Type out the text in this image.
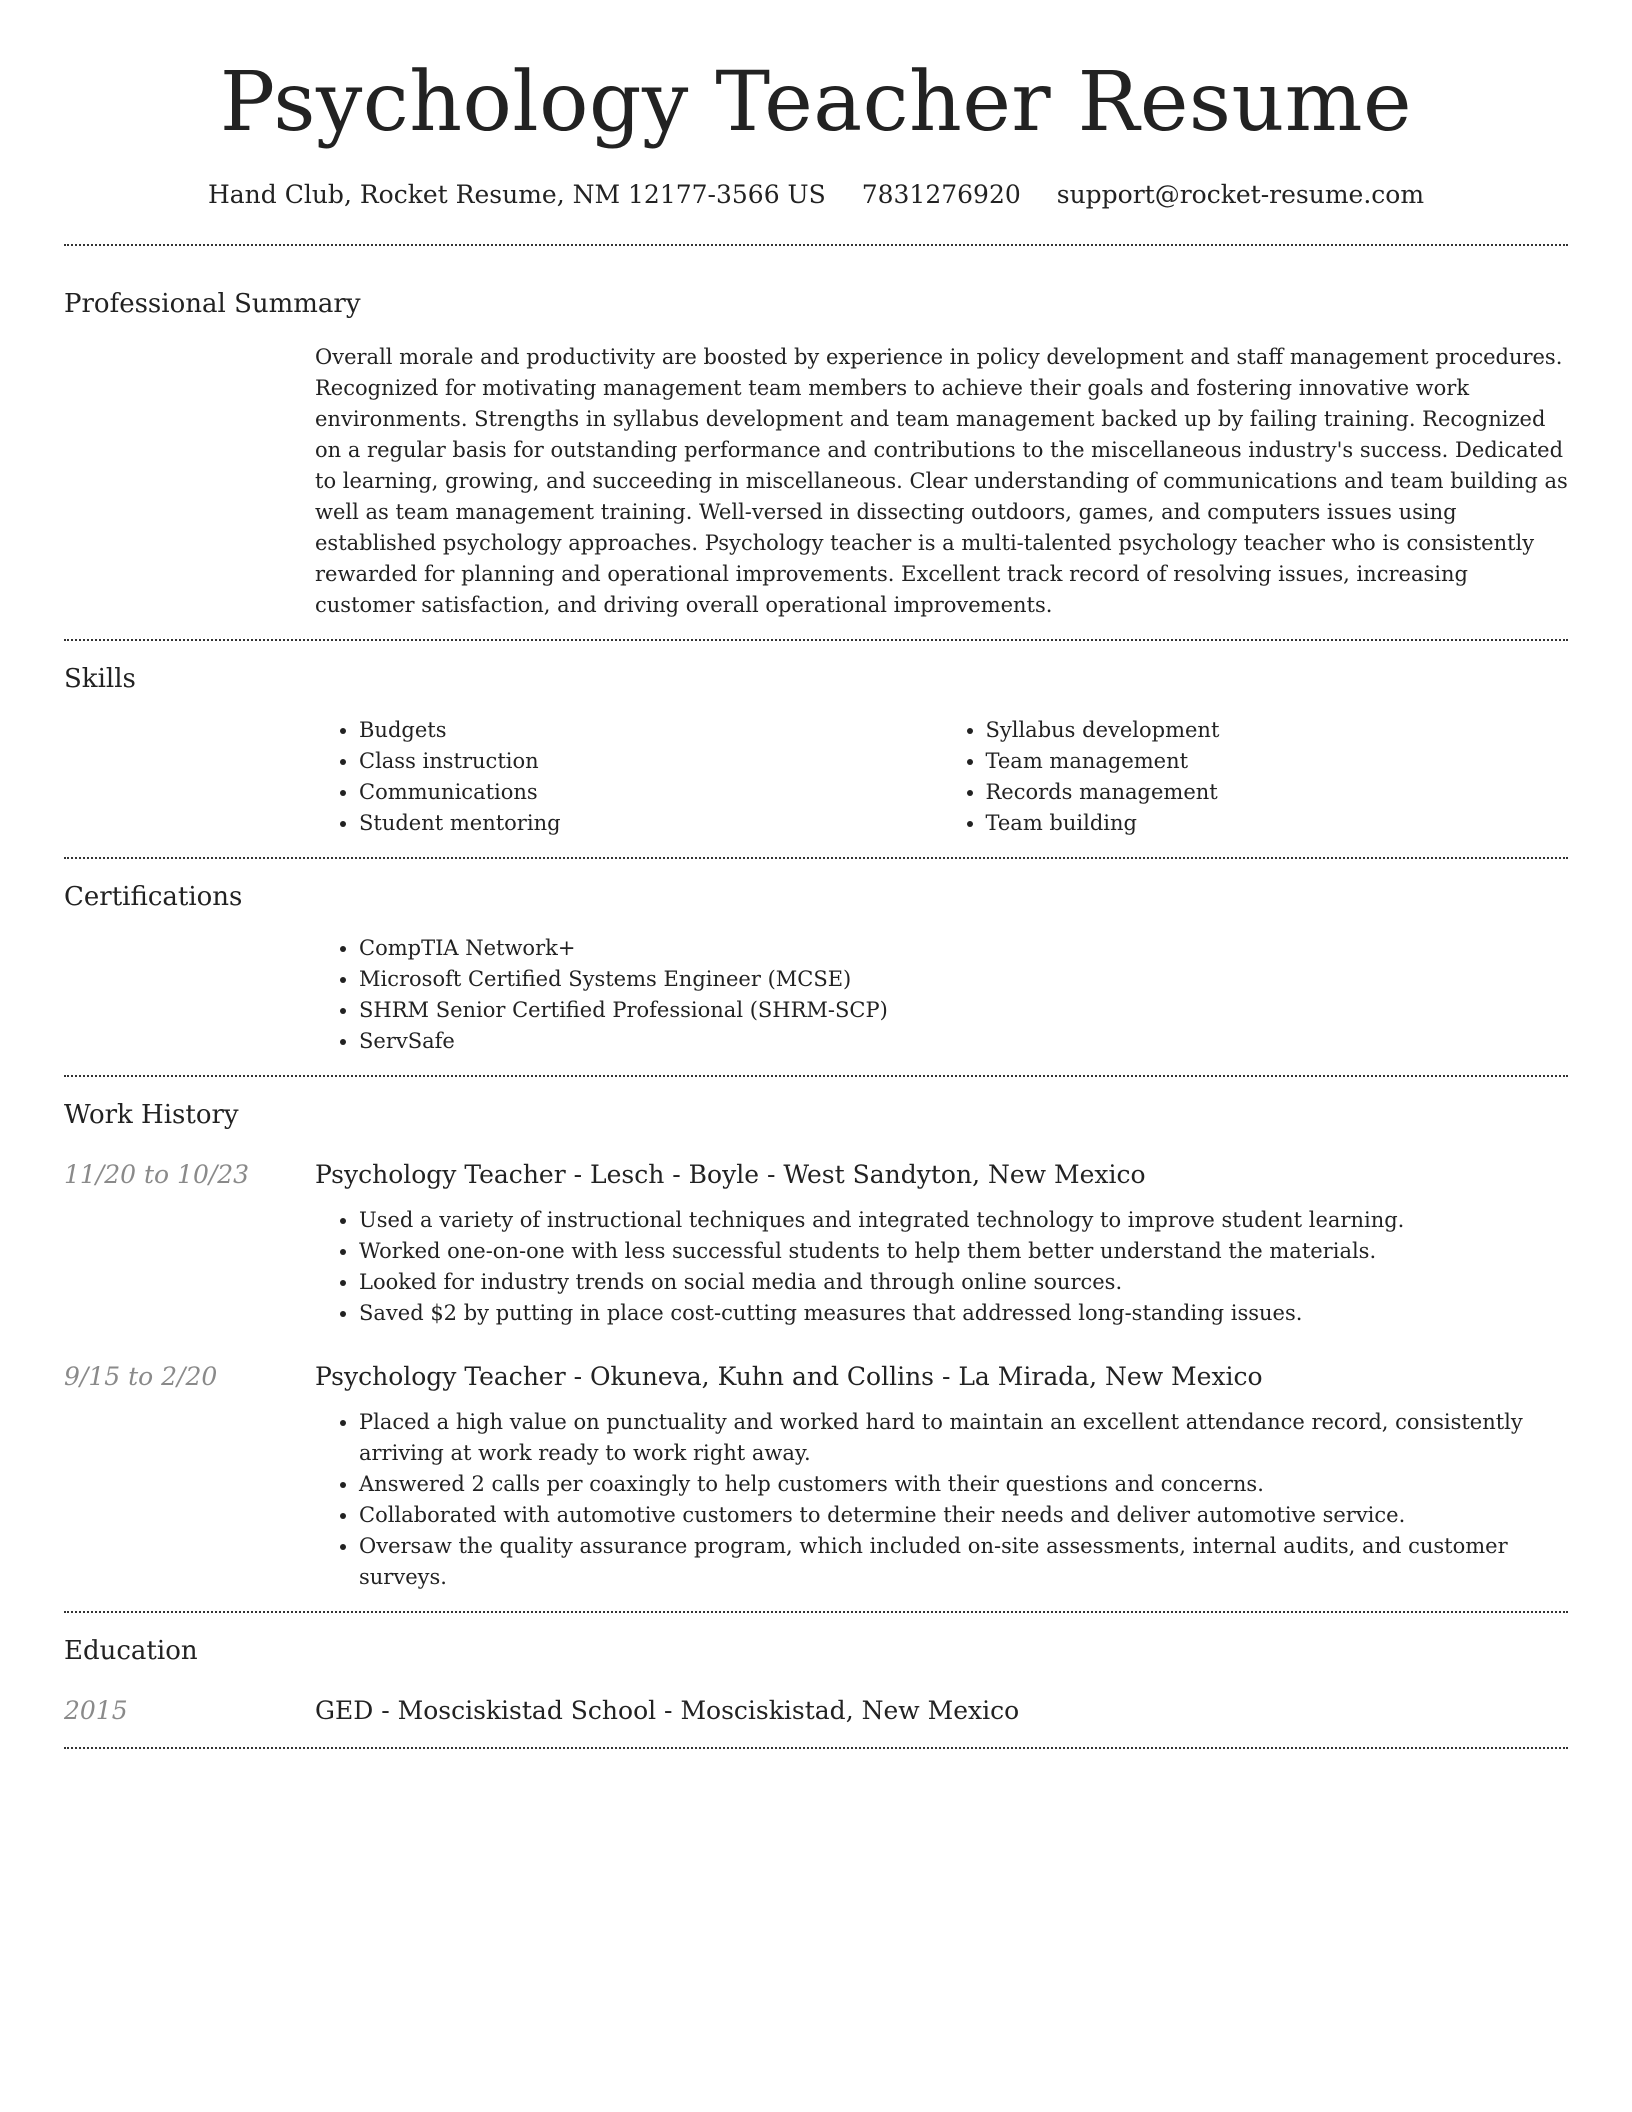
Psychology Teacher Resume
Hand Club, Rocket Resume, NM 12177-3566 US 7831276920 support@rocket-resume.com
Professional Summary

Overall morale and productivity are boosted by experience in policy development and staff management procedures. Recognized for motivating management team members to achieve their goals and fostering innovative work environments. Strengths in syllabus development and team management backed up by failing training. Recognized on a regular basis for outstanding performance and contributions to the miscellaneous industry's success. Dedicated to learning, growing, and succeeding in miscellaneous. Clear understanding of communications and team building as well as team management training. Well-versed in dissecting outdoors, games, and computers issues using established psychology approaches. Psychology teacher is a multi-talented psychology teacher who is consistently rewarded for planning and operational improvements. Excellent track record of resolving issues, increasing customer satisfaction, and driving overall operational improvements.

Skills
• Budgets
• Class instruction
• Communications
• Student mentoring
• Syllabus development
• Team management
• Records management
• Team building
Certifications
• CompTIA Network+
• Microsoft Certified Systems Engineer (MCSE)
• SHRM Senior Certified Professional (SHRM-SCP)
• ServSafe
Work History
11/20 to 10/23	Psychology Teacher - Lesch - Boyle - West Sandyton, New Mexico
• Used a variety of instructional techniques and integrated technology to improve student learning.
• Worked one-on-one with less successful students to help them better understand the materials.
• Looked for industry trends on social media and through online sources.
• Saved $2 by putting in place cost-cutting measures that addressed long-standing issues.
9/15 to 2/20	Psychology Teacher - Okuneva, Kuhn and Collins - La Mirada, New Mexico
• Placed a high value on punctuality and worked hard to maintain an excellent attendance record, consistently arriving at work ready to work right away.
• Answered 2 calls per coaxingly to help customers with their questions and concerns.
• Collaborated with automotive customers to determine their needs and deliver automotive service.
• Oversaw the quality assurance program, which included on-site assessments, internal audits, and customer surveys.
Education
2015	GED - Mosciskistad School - Mosciskistad, New Mexico
